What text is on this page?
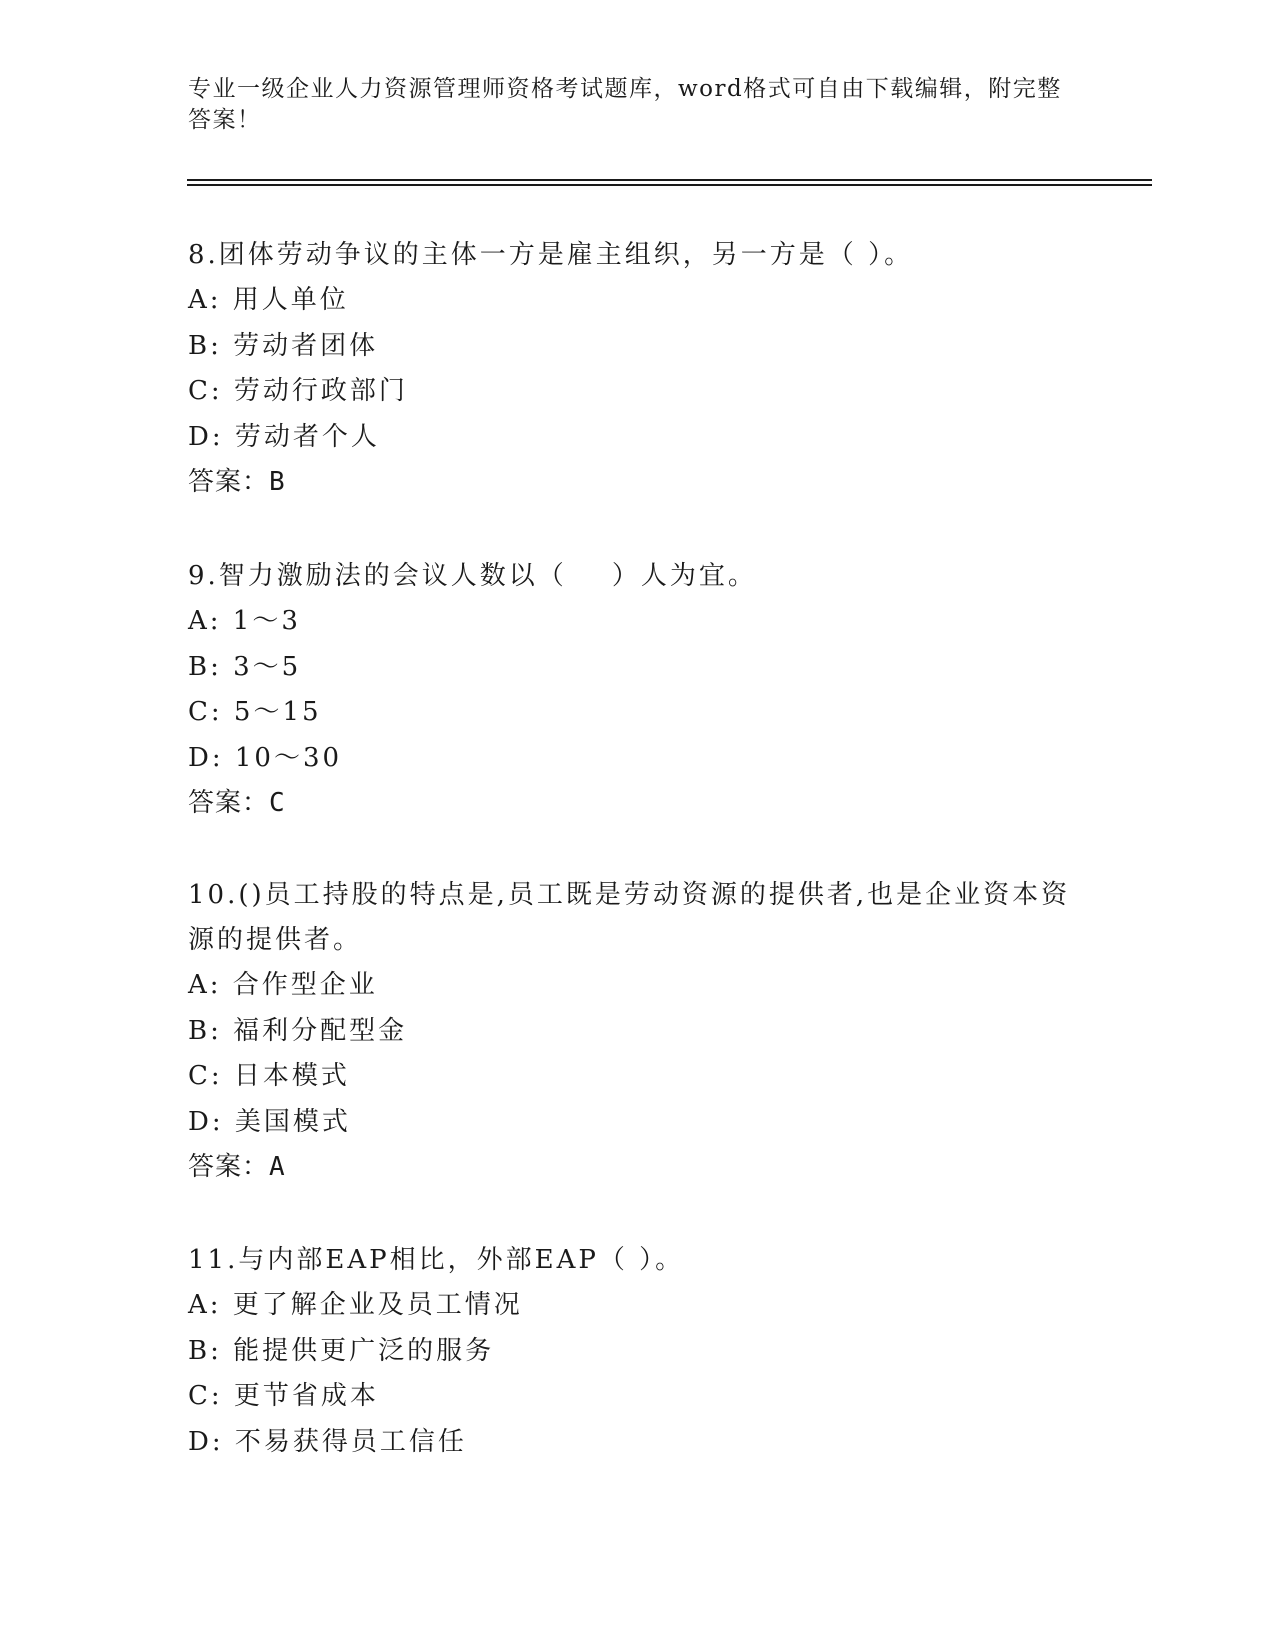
专业一级企业人力资源管理师资格考试题库，word格式可自由下载编辑，附完整
答案！

8.团体劳动争议的主体一方是雇主组织，另一方是（ ）。

A: 用人单位

B: 劳动者团体

C: 劳动行政部门

D: 劳动者个人

答案：B

9.智力激励法的会议人数以（    ）人为宜。

A: 1～3

B: 3～5

C: 5～15

D: 10～30

答案：C

10.()员工持股的特点是,员工既是劳动资源的提供者,也是企业资本资

源的提供者。

A: 合作型企业

B: 福利分配型金

C: 日本模式

D: 美国模式

答案：A

11.与内部EAP相比，外部EAP（ ）。

A: 更了解企业及员工情况

B: 能提供更广泛的服务

C: 更节省成本

D: 不易获得员工信任
